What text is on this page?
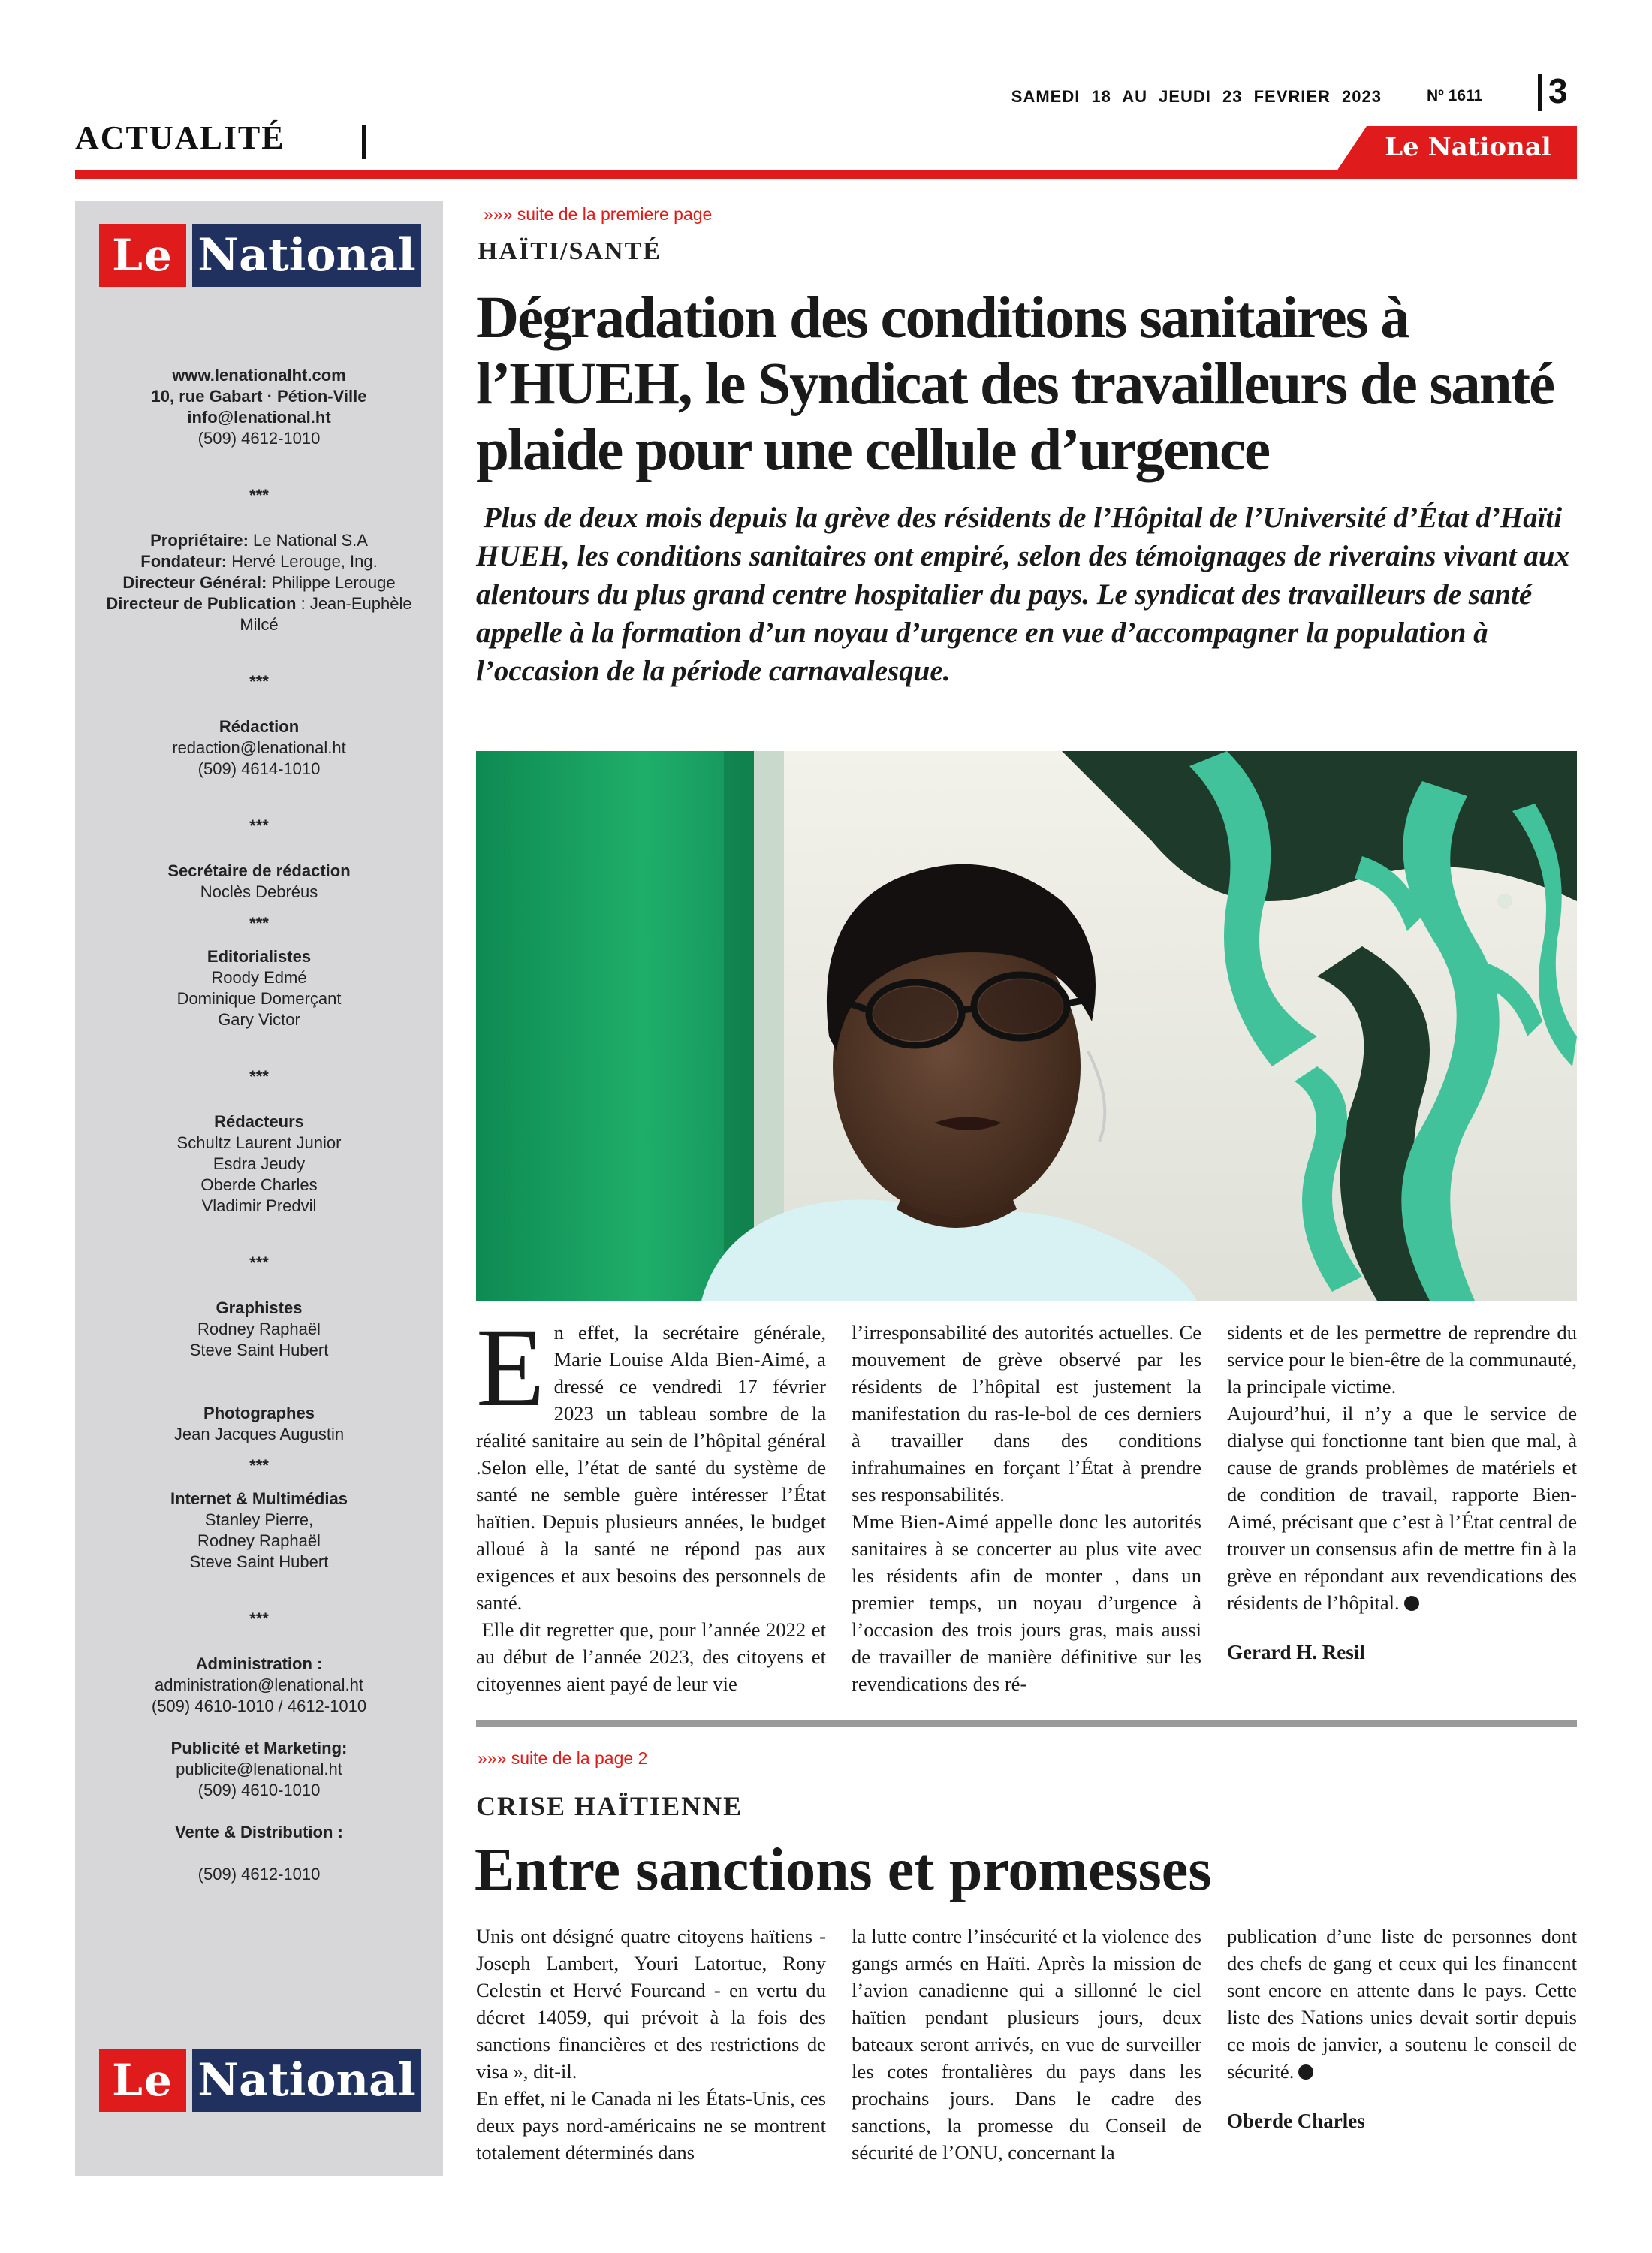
ACTUALITÉ
SAMEDI 18 AU JEUDI 23 FEVRIER 2023	Nº 1611 3
Le National
Le National
www.lenationalht.com
10, rue Gabart · Pétion-Ville
info@lenational.ht
(509) 4612-1010
***
Propriétaire: Le National S.A
Fondateur: Hervé Lerouge, Ing.
Directeur Général: Philippe Lerouge
Directeur de Publication : Jean-Euphèle Milcé
***
Rédaction
redaction@lenational.ht
(509) 4614-1010
***
Secrétaire de rédaction
Noclès Debréus
***
Editorialistes
Roody Edmé
Dominique Domerçant
Gary Victor
***
Rédacteurs
Schultz Laurent Junior
Esdra Jeudy
Oberde Charles
Vladimir Predvil
***
Graphistes
Rodney Raphaël
Steve Saint Hubert
Photographes
Jean Jacques Augustin
***
Internet & Multimédias
Stanley Pierre,
Rodney Raphaël
Steve Saint Hubert
***
Administration :
administration@lenational.ht
(509) 4610-1010 / 4612-1010
Publicité et Marketing:
publicite@lenational.ht
(509) 4610-1010
Vente & Distribution :
(509) 4612-1010
Le National
»»» suite de la premiere page
HAÏTI/SANTÉ
Dégradation des conditions sanitaires à l’HUEH, le Syndicat des travailleurs de santé plaide pour une cellule d’urgence

Plus de deux mois depuis la grève des résidents de l’Hôpital de l’Université d’État d’Haïti HUEH, les conditions sanitaires ont empiré, selon des témoignages de riverains vivant aux alentours du plus grand centre hospitalier du pays. Le syndicat des travailleurs de santé appelle à la formation d’un noyau d’urgence en vue d’accompagner la population à l’occasion de la période carnavalesque.

En effet, la secrétaire générale, Marie Louise Alda Bien-Aimé, a dressé ce vendredi 17 février 2023 un tableau sombre de la réalité sanitaire au sein de l’hôpital général .Selon elle, l’état de santé du système de santé ne semble guère intéresser l’État haïtien. Depuis plusieurs années, le budget alloué à la santé ne répond pas aux exigences et aux besoins des personnels de santé.

Elle dit regretter que, pour l’année 2022 et au début de l’année 2023, des citoyens et citoyennes aient payé de leur vie

l’irresponsabilité des autorités actuelles. Ce mouvement de grève observé par les résidents de l’hôpital est justement la manifestation du ras-le-bol de ces derniers à travailler dans des conditions infrahumaines en forçant l’État à prendre ses responsabilités.

Mme Bien-Aimé appelle donc les autorités sanitaires à se concerter au plus vite avec les résidents afin de monter , dans un premier temps, un noyau d’urgence à l’occasion des trois jours gras, mais aussi de travailler de manière définitive sur les revendications des ré-

sidents et de les permettre de reprendre du service pour le bien-être de la communauté, la principale victime.

Aujourd’hui, il n’y a que le service de dialyse qui fonctionne tant bien que mal, à cause de grands problèmes de matériels et de condition de travail, rapporte Bien-Aimé, précisant que c’est à l’État central de trouver un consensus afin de mettre fin à la grève en répondant aux revendications des résidents de l’hôpital.

Gerard H. Resil

»»» suite de la page 2
CRISE HAÏTIENNE
Entre sanctions et promesses

Unis ont désigné quatre citoyens haïtiens - Joseph Lambert, Youri Latortue, Rony Celestin et Hervé Fourcand - en vertu du décret 14059, qui prévoit à la fois des sanctions financières et des restrictions de visa », dit-il.

En effet, ni le Canada ni les États-Unis, ces deux pays nord-américains ne se montrent totalement déterminés dans

la lutte contre l’insécurité et la violence des gangs armés en Haïti. Après la mission de l’avion canadienne qui a sillonné le ciel haïtien pendant plusieurs jours, deux bateaux seront arrivés, en vue de surveiller les cotes frontalières du pays dans les prochains jours. Dans le cadre des sanctions, la promesse du Conseil de sécurité de l’ONU, concernant la

publication d’une liste de personnes dont des chefs de gang et ceux qui les financent sont encore en attente dans le pays. Cette liste des Nations unies devait sortir depuis ce mois de janvier, a soutenu le conseil de sécurité.

Oberde Charles
